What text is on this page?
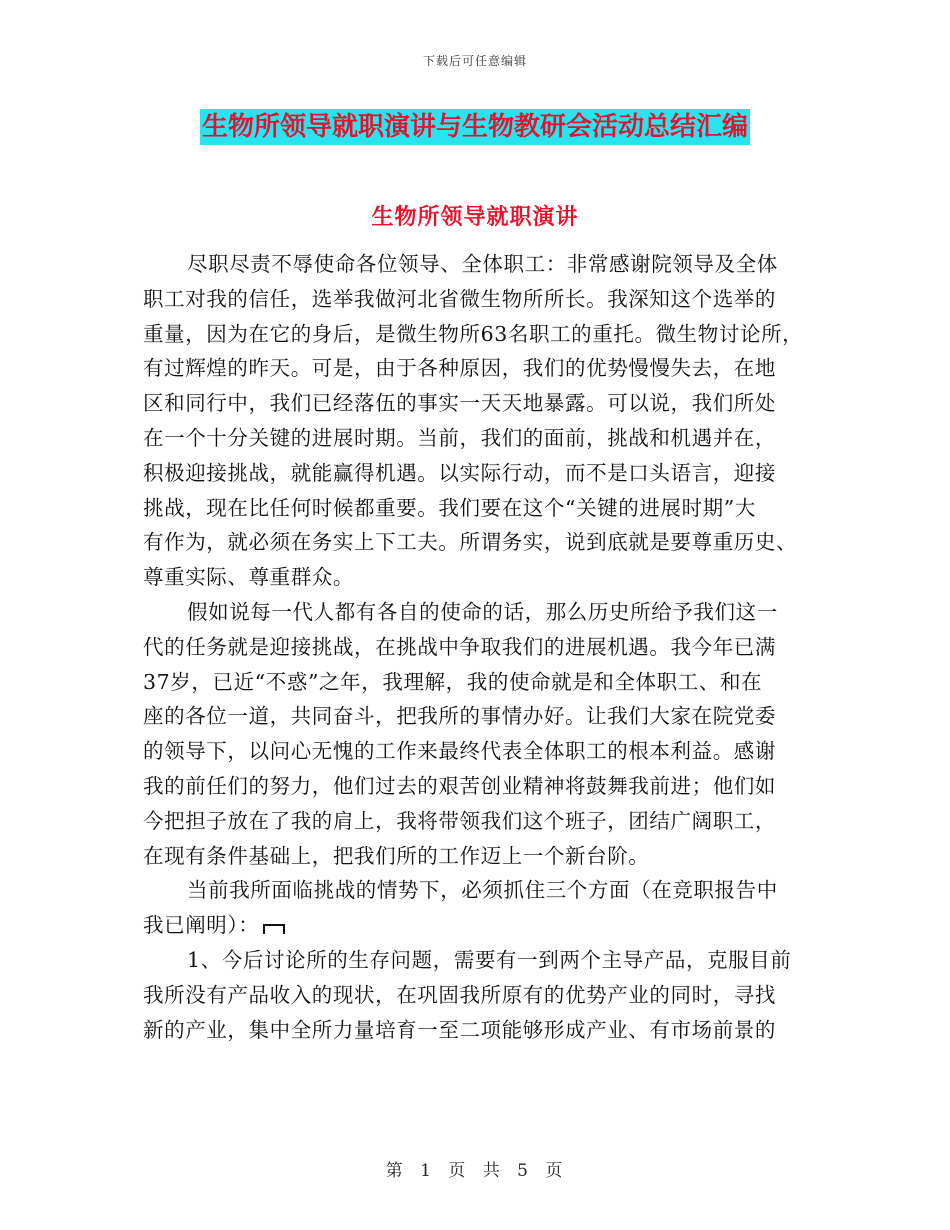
下载后可任意编辑
生物所领导就职演讲与生物教研会活动总结汇编
生物所领导就职演讲
尽职尽责不辱使命各位领导、全体职工：非常感谢院领导及全体
职工对我的信任，选举我做河北省微生物所所长。我深知这个选举的
重量，因为在它的身后，是微生物所63名职工的重托。微生物讨论所，
有过辉煌的昨天。可是，由于各种原因，我们的优势慢慢失去，在地
区和同行中，我们已经落伍的事实一天天地暴露。可以说，我们所处
在一个十分关键的进展时期。当前，我们的面前，挑战和机遇并在，
积极迎接挑战，就能赢得机遇。以实际行动，而不是口头语言，迎接
挑战，现在比任何时候都重要。我们要在这个“关键的进展时期”大
有作为，就必须在务实上下工夫。所谓务实，说到底就是要尊重历史、
尊重实际、尊重群众。
假如说每一代人都有各自的使命的话，那么历史所给予我们这一
代的任务就是迎接挑战，在挑战中争取我们的进展机遇。我今年已满
37岁，已近“不惑”之年，我理解，我的使命就是和全体职工、和在
座的各位一道，共同奋斗，把我所的事情办好。让我们大家在院党委
的领导下，以问心无愧的工作来最终代表全体职工的根本利益。感谢
我的前任们的努力，他们过去的艰苦创业精神将鼓舞我前进；他们如
今把担子放在了我的肩上，我将带领我们这个班子，团结广阔职工，
在现有条件基础上，把我们所的工作迈上一个新台阶。
当前我所面临挑战的情势下，必须抓住三个方面（在竞职报告中
我已阐明）：
1、今后讨论所的生存问题，需要有一到两个主导产品，克服目前
我所没有产品收入的现状，在巩固我所原有的优势产业的同时，寻找
新的产业，集中全所力量培育一至二项能够形成产业、有市场前景的
第 1 页 共 5 页
